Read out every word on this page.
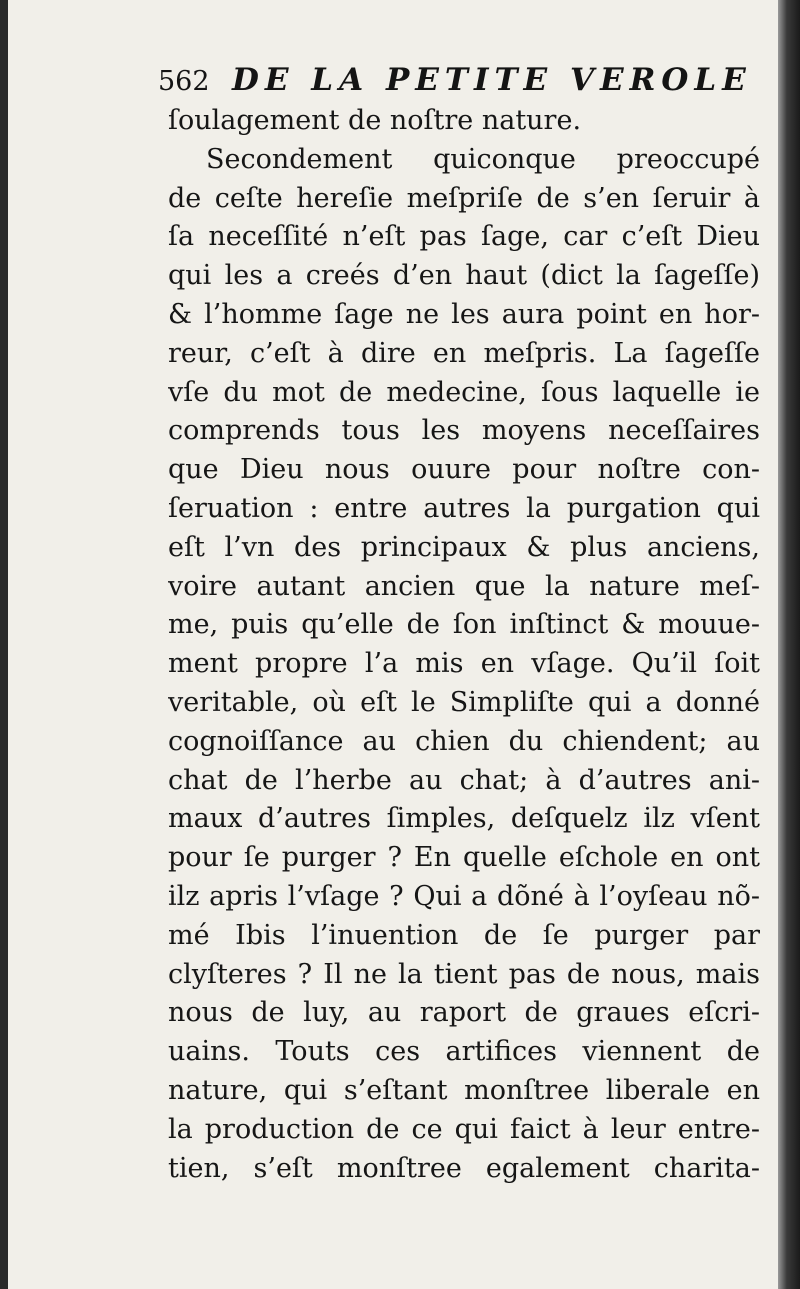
562 DE LA PETITE VEROLE
ſoulagement de noſtre nature.
Secondement quiconque preoccupé
de ceſte hereſie meſpriſe de s’en ſeruir à
ſa neceſſité n’eſt pas ſage, car c’eſt Dieu
qui les a creés d’en haut (dict la ſageſſe)
& l’homme ſage ne les aura point en hor-
reur, c’eſt à dire en meſpris. La ſageſſe
vſe du mot de medecine, ſous laquelle ie
comprends tous les moyens neceſſaires
que Dieu nous ouure pour noſtre con-
ſeruation : entre autres la purgation qui
eſt l’vn des principaux & plus anciens,
voire autant ancien que la nature meſ-
me, puis qu’elle de ſon inſtinct & mouue-
ment propre l’a mis en vſage. Qu’il ſoit
veritable, où eſt le Simpliſte qui a donné
cognoiſſance au chien du chiendent; au
chat de l’herbe au chat; à d’autres ani-
maux d’autres ſimples, deſquelz ilz vſent
pour ſe purger ? En quelle eſchole en ont
ilz apris l’vſage ? Qui a dõné à l’oyſeau nõ-
mé Ibis l’inuention de ſe purger par
clyſteres ? Il ne la tient pas de nous, mais
nous de luy, au raport de graues eſcri-
uains. Touts ces artifices viennent de
nature, qui s’eſtant monſtree liberale en
la production de ce qui faict à leur entre-
tien, s’eſt monſtree egalement charita-
